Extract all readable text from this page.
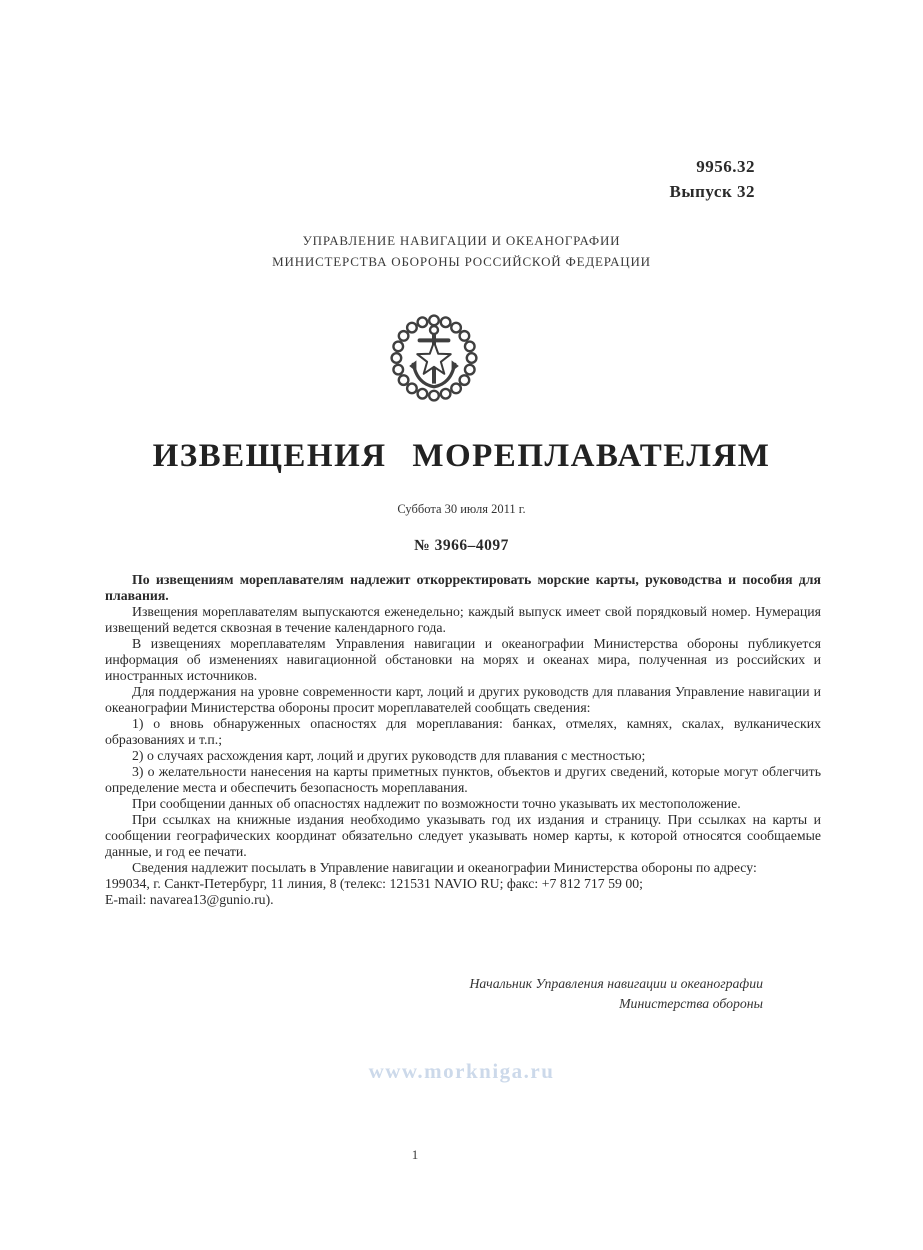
9956.32
Выпуск 32
УПРАВЛЕНИЕ НАВИГАЦИИ И ОКЕАНОГРАФИИ
МИНИСТЕРСТВА ОБОРОНЫ РОССИЙСКОЙ ФЕДЕРАЦИИ
ИЗВЕЩЕНИЯ МОРЕПЛАВАТЕЛЯМ
Суббота 30 июля 2011 г.
№ 3966–4097

По извещениям мореплавателям надлежит откорректировать морские карты, руководства и пособия для плавания.

Извещения мореплавателям выпускаются еженедельно; каждый выпуск имеет свой порядковый номер. Нумерация извещений ведется сквозная в течение календарного года.

В извещениях мореплавателям Управления навигации и океанографии Министерства обороны публикуется информация об изменениях навигационной обстановки на морях и океанах мира, полученная из российских и иностранных источников.

Для поддержания на уровне современности карт, лоций и других руководств для плавания Управление навигации и океанографии Министерства обороны просит мореплавателей сообщать сведения:

1) о вновь обнаруженных опасностях для мореплавания: банках, отмелях, камнях, скалах, вулканических образованиях и т.п.;

2) о случаях расхождения карт, лоций и других руководств для плавания с местностью;

3) о желательности нанесения на карты приметных пунктов, объектов и других сведений, которые могут облегчить определение места и обеспечить безопасность мореплавания.

При сообщении данных об опасностях надлежит по возможности точно указывать их местоположение.

При ссылках на книжные издания необходимо указывать год их издания и страницу. При ссылках на карты и сообщении географических координат обязательно следует указывать номер карты, к которой относятся сообщаемые данные, и год ее печати.

Сведения надлежит посылать в Управление навигации и океанографии Министерства обороны по адресу:

199034, г. Санкт-Петербург, 11 линия, 8 (телекс: 121531 NAVIO RU; факс: +7 812 717 59 00;

E-mail: navarea13@gunio.ru).

Начальник Управления навигации и океанографии
Министерства обороны
www.morkniga.ru
1
